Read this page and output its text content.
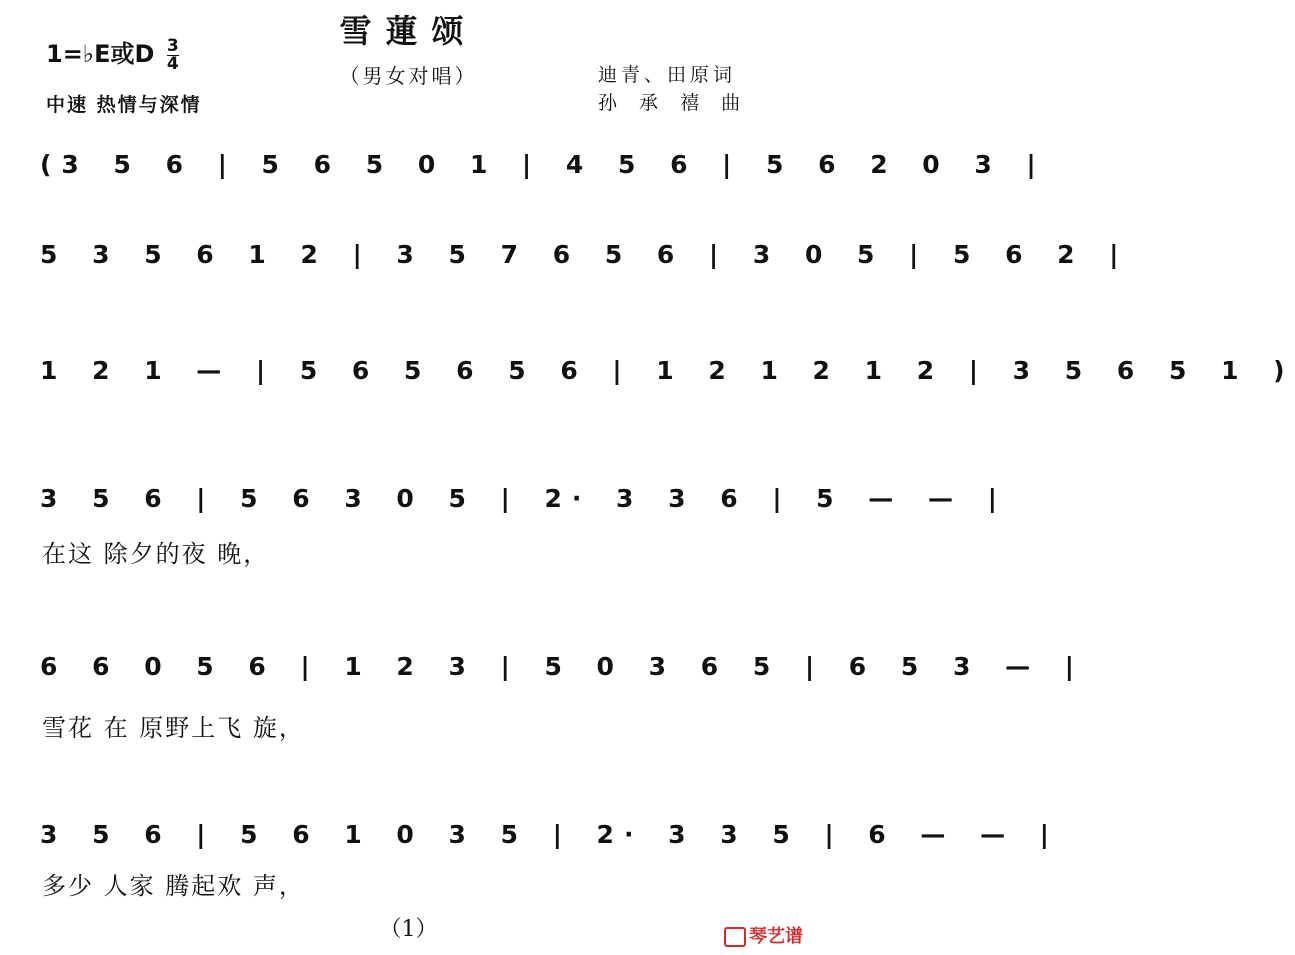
雪蓮颂
（男女对唱）
1=♭E或D $\frac{3}{4}$
中速 热情与深情
迪青、田原词
孙 承 禧 曲
(3 5 6 | 5 6 5 0 1 | 4 5 6 | 5 6 2 0 3 |
5 3 5 6 1 2 | 3 5 7 6 5 6 | 3 0 5 | 5 6 2 |
1 2 1 — | 5 6 5 6 5 6 | 1 2 1 2 1 2 | 3 5 6 5 1 )
3 5 6 | 5 6 3 0 5 | 2· 3 3 6 | 5 — — |
在这 除夕的夜 晚，
6 6 0 5 6 | 1 2 3 | 5 0 3 6 5 | 6 5 3 — |
雪花 在 原野上飞 旋，
3 5 6 | 5 6 1 0 3 5 | 2· 3 3 5 | 6 — — |
多少 人家 腾起欢 声，
（1）	琴艺谱
